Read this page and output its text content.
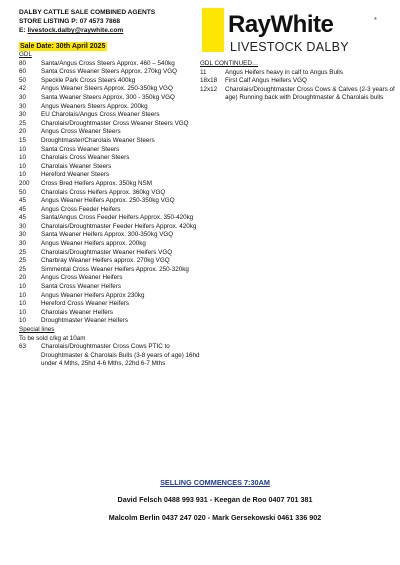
DALBY CATTLE SALE COMBINED AGENTS
STORE LISTING P: 07 4573 7868
E: livestock.dalby@raywhite.com
Sale Date: 30th April 2025
RayWhite	®
LIVESTOCK DALBY
GDL
80	Santa/Angus Cross Steers Approx. 460 – 540kg
60	Santa Cross Weaner Steers Approx. 270kg VGQ
50	Speckle Park Cross Steers 400kg
42	Angus Weaner Steers Approx. 250-350kg VGQ
30	Santa Weaner Steers Approx. 300 - 350kg VGQ
30	Angus Weaners Steers Approx. 200kg
30	EU Charolais/Angus Cross Weaner Steers
25	Charolais/Droughtmaster Cross Weaner Steers VGQ
20	Angus Cross Weaner Steers
15	Droughtmaster/Charolais Weaner Steers
10	Santa Cross Weaner Steers
10	Charolais Cross Weaner Steers
10	Charolais Weaner Steers
10	Hereford Weaner Steers
200	Cross Bred Heifers Approx. 350kg NSM
50	Charolais Cross Heifers Approx. 360kg VGQ
45	Angus Weaner Heifers Approx. 250-350kg VGQ
45	Angus Cross Feeder Heifers
45	Santa/Angus Cross Feeder Heifers Approx. 350-420kg
30	Charolais/Droughtmaster Feeder Heifers Approx. 420kg
30	Santa Weaner Heifers Approx. 300-350kg VGQ
30	Angus Weaner Heifers approx. 200kg
25	Charolais/Droughtmaster Weaner Heifers VGQ
25	Charbray Weaner Heifers approx. 270kg VGQ
25	Simmental Cross Weaner Heifers Approx. 250-320kg
20	Angus Cross Weaner Heifers
10	Santa Cross Weaner Heifers
10	Angus Weaner Heifers Approx 230kg
10	Hereford Cross Weaner Heifers
10	Charolais Weaner Heifers
10	Droughtmaster Weaner Heifers
Special lines
To be sold c/kg at 10am
63	Charolais/Droughtmaster Cross Cows PTIC to Droughtmaster & Charolais Bulls (3-8 years of age) 16hd under 4 Mths, 25hd 4-6 Mths, 22hd 6-7 Mths
GDL CONTINUED…
11	Angus Heifers heavy in calf to Angus Bulls
18x18	First Calf Angus Heifers VGQ
12x12	Charolais/Droughtmaster Cross Cows & Calves (2-3 years of age) Running back with Droughtmaster & Charolais bulls
SELLING COMMENCES 7:30AM
David Felsch 0488 993 931 - Keegan de Roo 0407 701 381
Malcolm Berlin 0437 247 020 - Mark Gersekowski 0461 336 902
